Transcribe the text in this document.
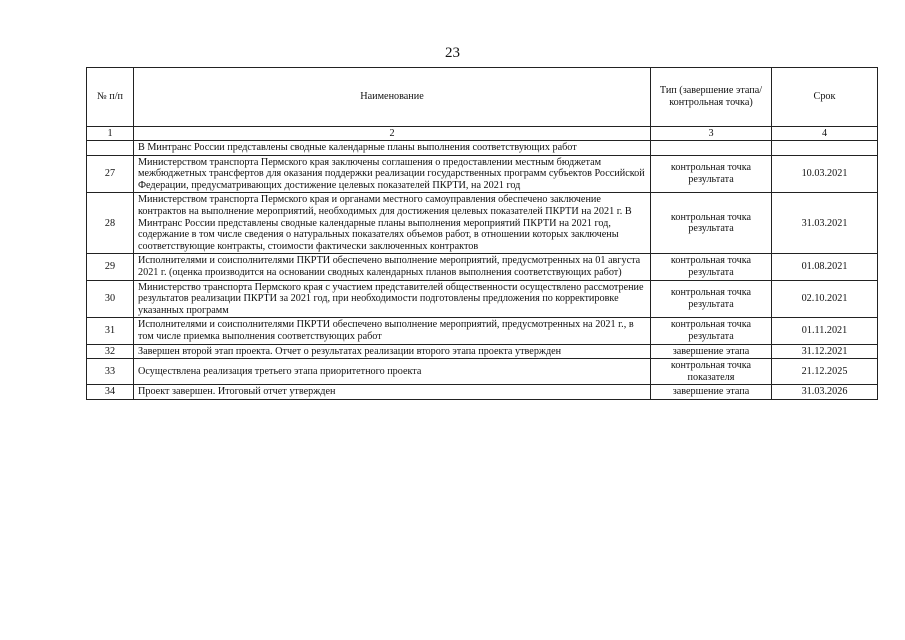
23
№ п/п	Наименование	Тип (завершение этапа/контрольная точка)	Срок
1	2	3	4
	В Минтранс России представлены сводные календарные планы выполнения соответствующих работ		
27	Министерством транспорта Пермского края заключены соглашения о предоставлении местным бюджетам межбюджетных трансфертов для оказания поддержки реализации государственных программ субъектов Российской Федерации, предусматривающих достижение целевых показателей ПКРТИ, на 2021 год	контрольная точка результата	10.03.2021
28	Министерством транспорта Пермского края и органами местного самоуправления обеспечено заключение контрактов на выполнение мероприятий, необходимых для достижения целевых показателей ПКРТИ на 2021 г. В Минтранс России представлены сводные календарные планы выполнения мероприятий ПКРТИ на 2021 год, содержание в том числе сведения о натуральных показателях объемов работ, в отношении которых заключены соответствующие контракты, стоимости фактически заключенных контрактов	контрольная точка результата	31.03.2021
29	Исполнителями и соисполнителями ПКРТИ обеспечено выполнение мероприятий, предусмотренных на 01 августа 2021 г. (оценка производится на основании сводных календарных планов выполнения соответствующих работ)	контрольная точка результата	01.08.2021
30	Министерство транспорта Пермского края с участием представителей общественности осуществлено рассмотрение результатов реализации ПКРТИ за 2021 год, при необходимости подготовлены предложения по корректировке указанных программ	контрольная точка результата	02.10.2021
31	Исполнителями и соисполнителями ПКРТИ обеспечено выполнение мероприятий, предусмотренных на 2021 г., в том числе приемка выполнения соответствующих работ	контрольная точка результата	01.11.2021
32	Завершен второй этап проекта. Отчет о результатах реализации второго этапа проекта утвержден	завершение этапа	31.12.2021
33	Осуществлена реализация третьего этапа приоритетного проекта	контрольная точка показателя	21.12.2025
34	Проект завершен. Итоговый отчет утвержден	завершение этапа	31.03.2026
